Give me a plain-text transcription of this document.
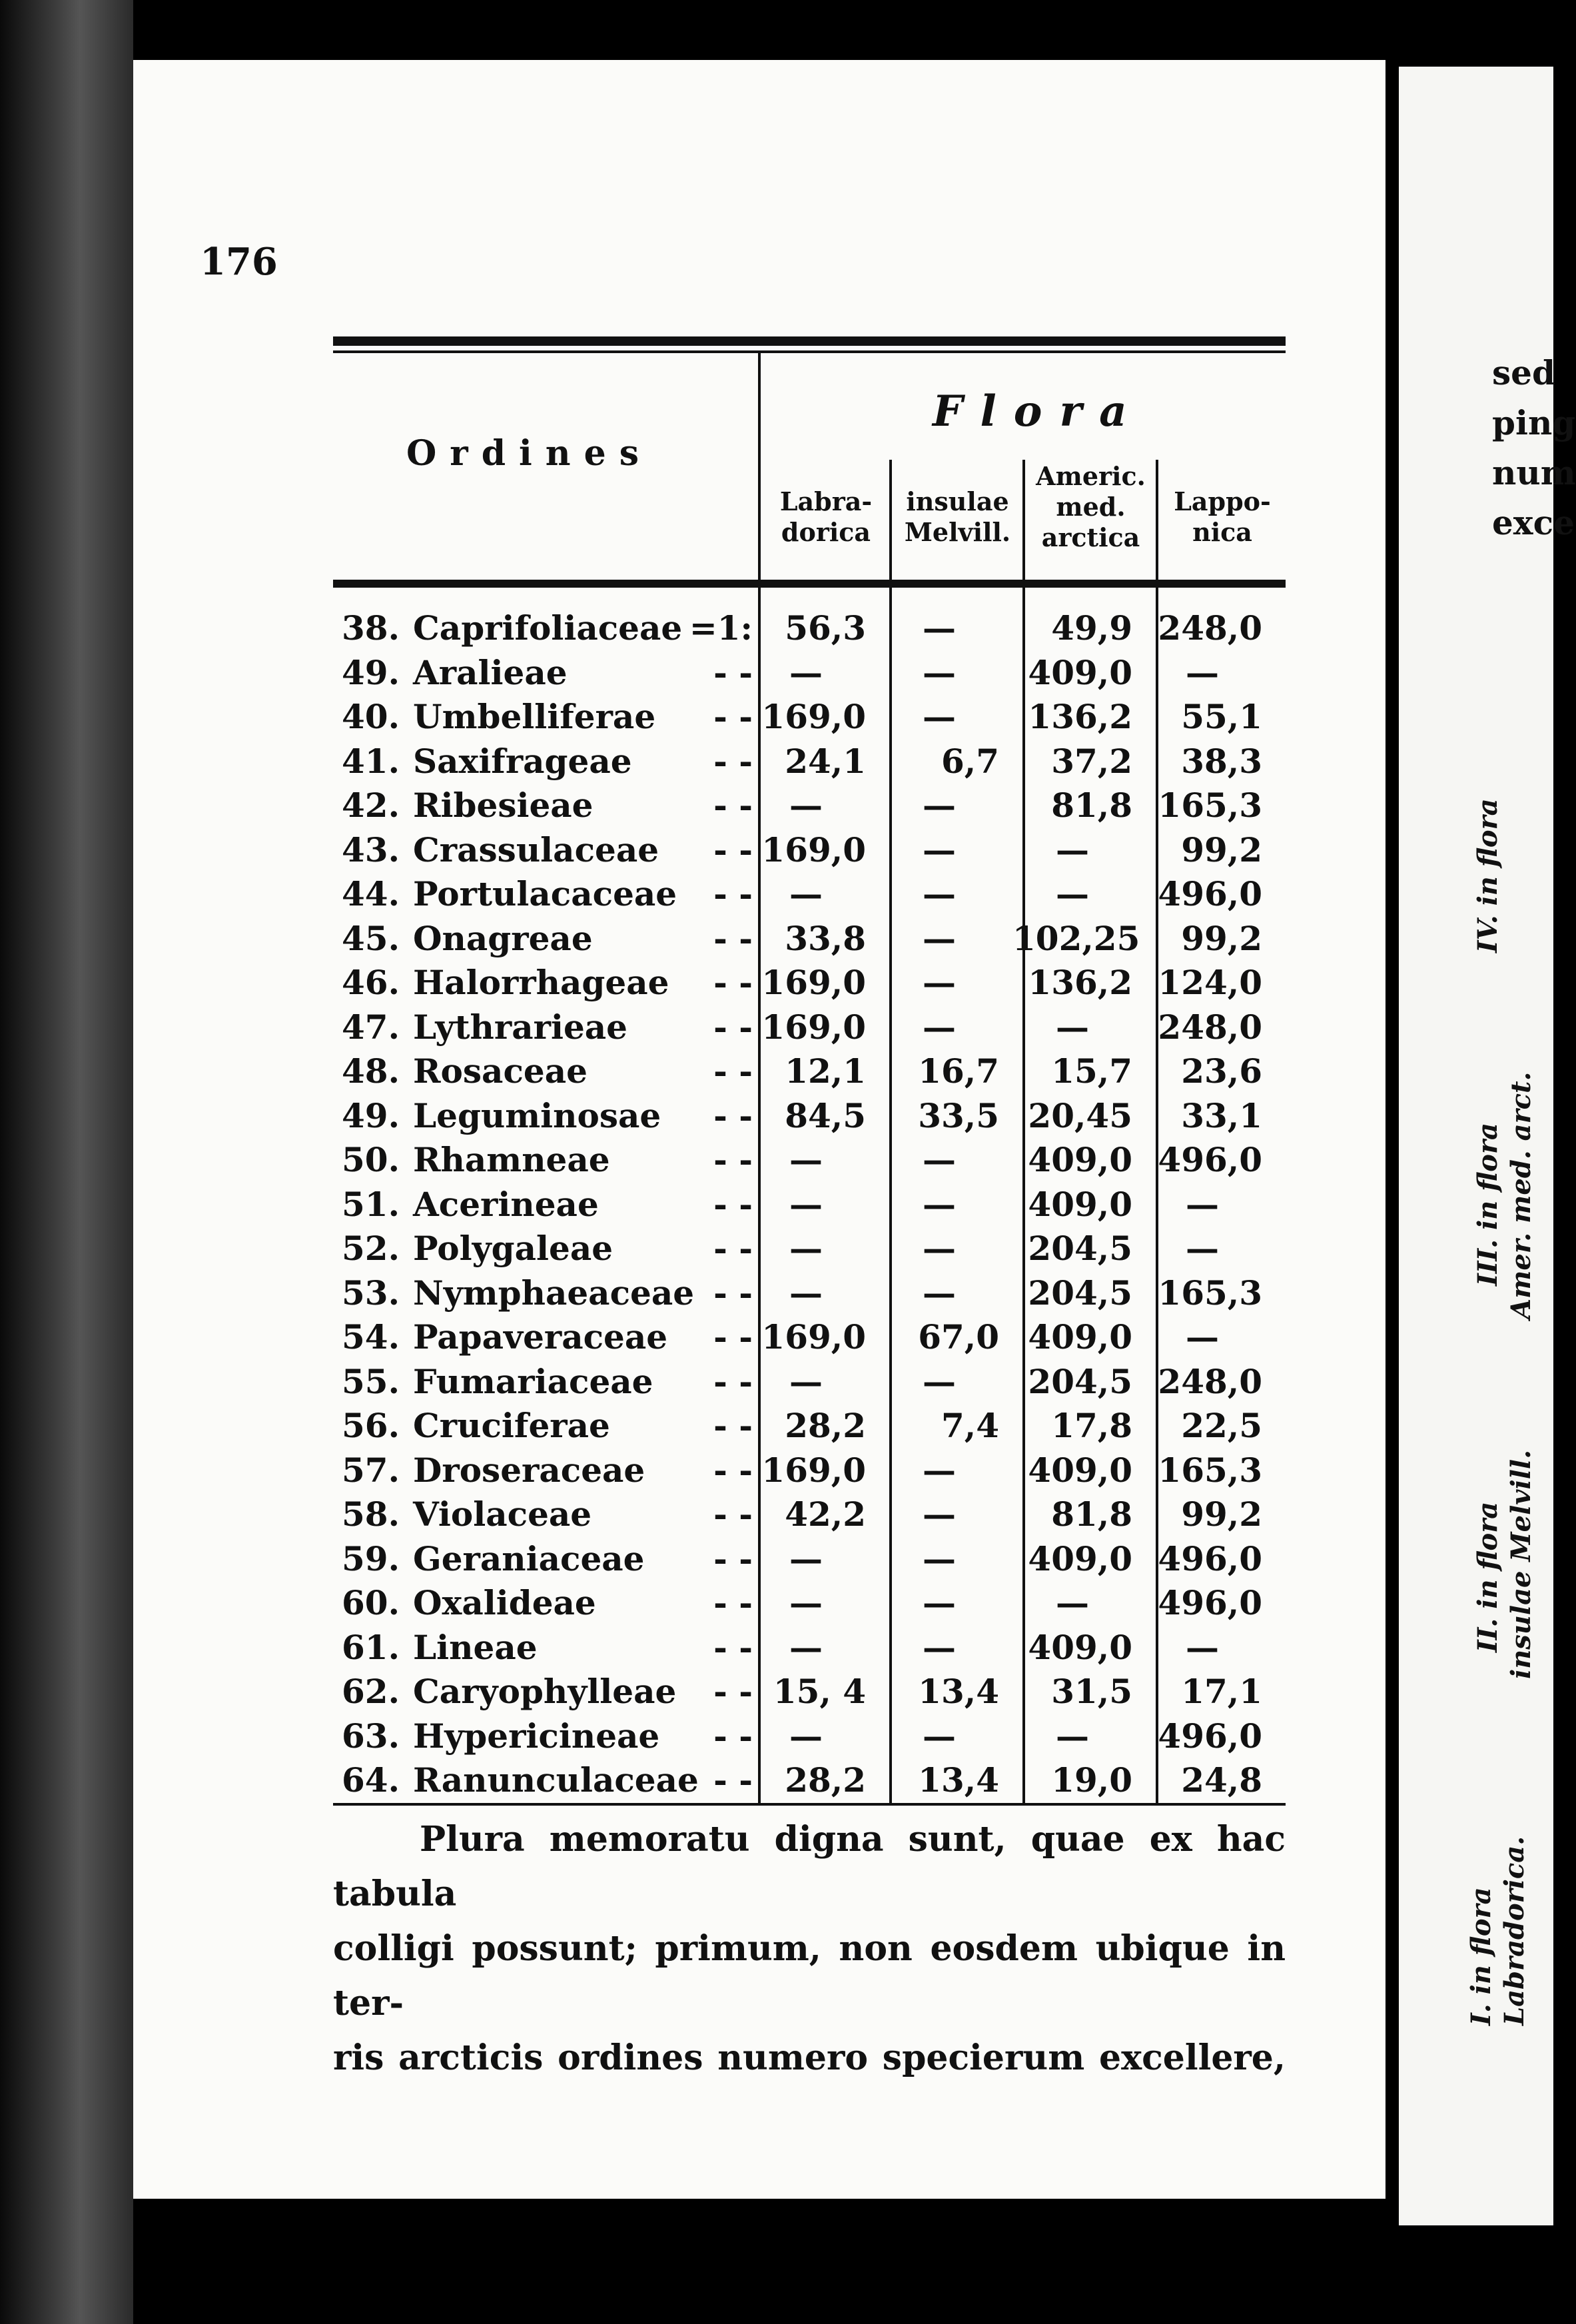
176
Ordines
Flora
Labra-
dorica
insulae
Melvill.
Americ.
med.
arctica
Lappo-
nica
38. Caprifoliaceae =1: 56,3	—	49,9 248,0
49. Aralieae	- -	—	—	409,0	—
40. Umbelliferae	- - 169,0	—	136,2	55,1
41. Saxifrageae	- - 24,1	6,7	37,2	38,3
42. Ribesieae	- -	—	—	81,8 165,3
43. Crassulaceae	- - 169,0	—	—	99,2
44. Portulacaceae	- -	—	—	—	496,0
45. Onagreae	- - 33,8	—	102,25	99,2
46. Halorrhageae	- - 169,0	—	136,2 124,0
47. Lythrarieae	- - 169,0	—	—	248,0
48. Rosaceae	- - 12,1	16,7	15,7	23,6
49. Leguminosae	- - 84,5	33,5 20,45	33,1
50. Rhamneae	- -	—	—	409,0 496,0
51. Acerineae	- -	—	—	409,0	—
52. Polygaleae	- -	—	—	204,5	—
53. Nymphaeaceae - -	—	—	204,5 165,3
54. Papaveraceae	- - 169,0	67,0 409,0	—
55. Fumariaceae	- -	—	—	204,5 248,0
56. Cruciferae	- - 28,2	7,4	17,8	22,5
57. Droseraceae	- - 169,0	—	409,0 165,3
58. Violaceae	- - 42,2	—	81,8	99,2
59. Geraniaceae	- -	—	—	409,0 496,0
60. Oxalideae	- -	—	—	—	496,0
61. Lineae	- -	—	—	409,0	—
62. Caryophylleae	- - 15, 4	13,4	31,5	17,1
63. Hypericineae	- -	—	—	—	496,0
64. Ranunculaceae - - 28,2	13,4	19,0	24,8

Plura memoratu digna sunt, quae ex hac tabula

colligi possunt; primum, non eosdem ubique in ter-

ris arcticis ordines numero specierum excellere,

sed
ping
num
exce
I. in flora Labradorica.
II. in flora insulae Melvill.
III. in flora Amer. med. arct.
IV. in flora
